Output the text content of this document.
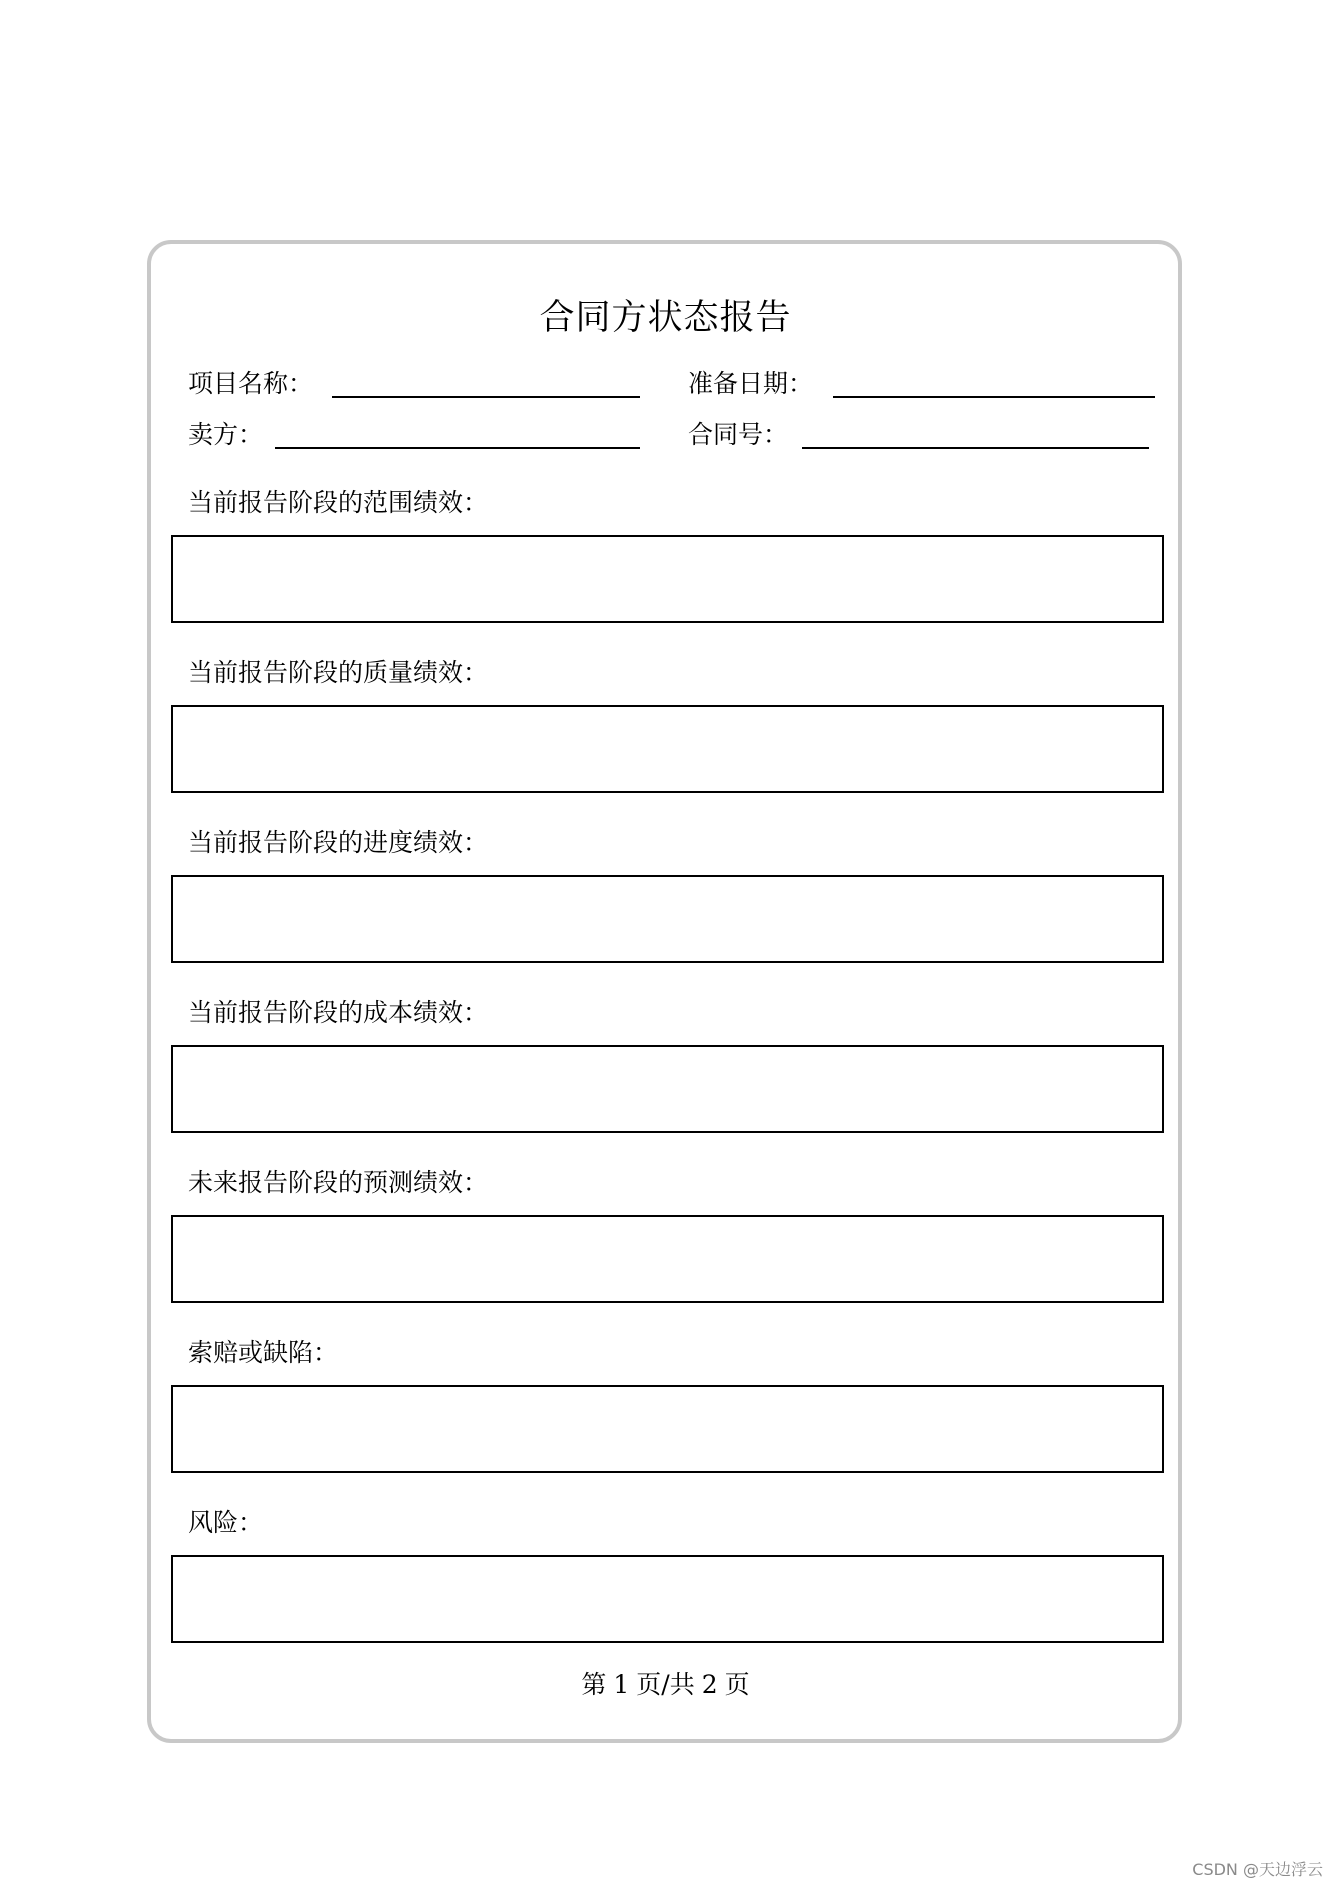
合同方状态报告
项目名称：	准备日期：
卖方：	合同号：
当前报告阶段的范围绩效：
当前报告阶段的质量绩效：
当前报告阶段的进度绩效：
当前报告阶段的成本绩效：
未来报告阶段的预测绩效：
索赔或缺陷：
风险：
第 1 页/共 2 页
CSDN @天边浮云
